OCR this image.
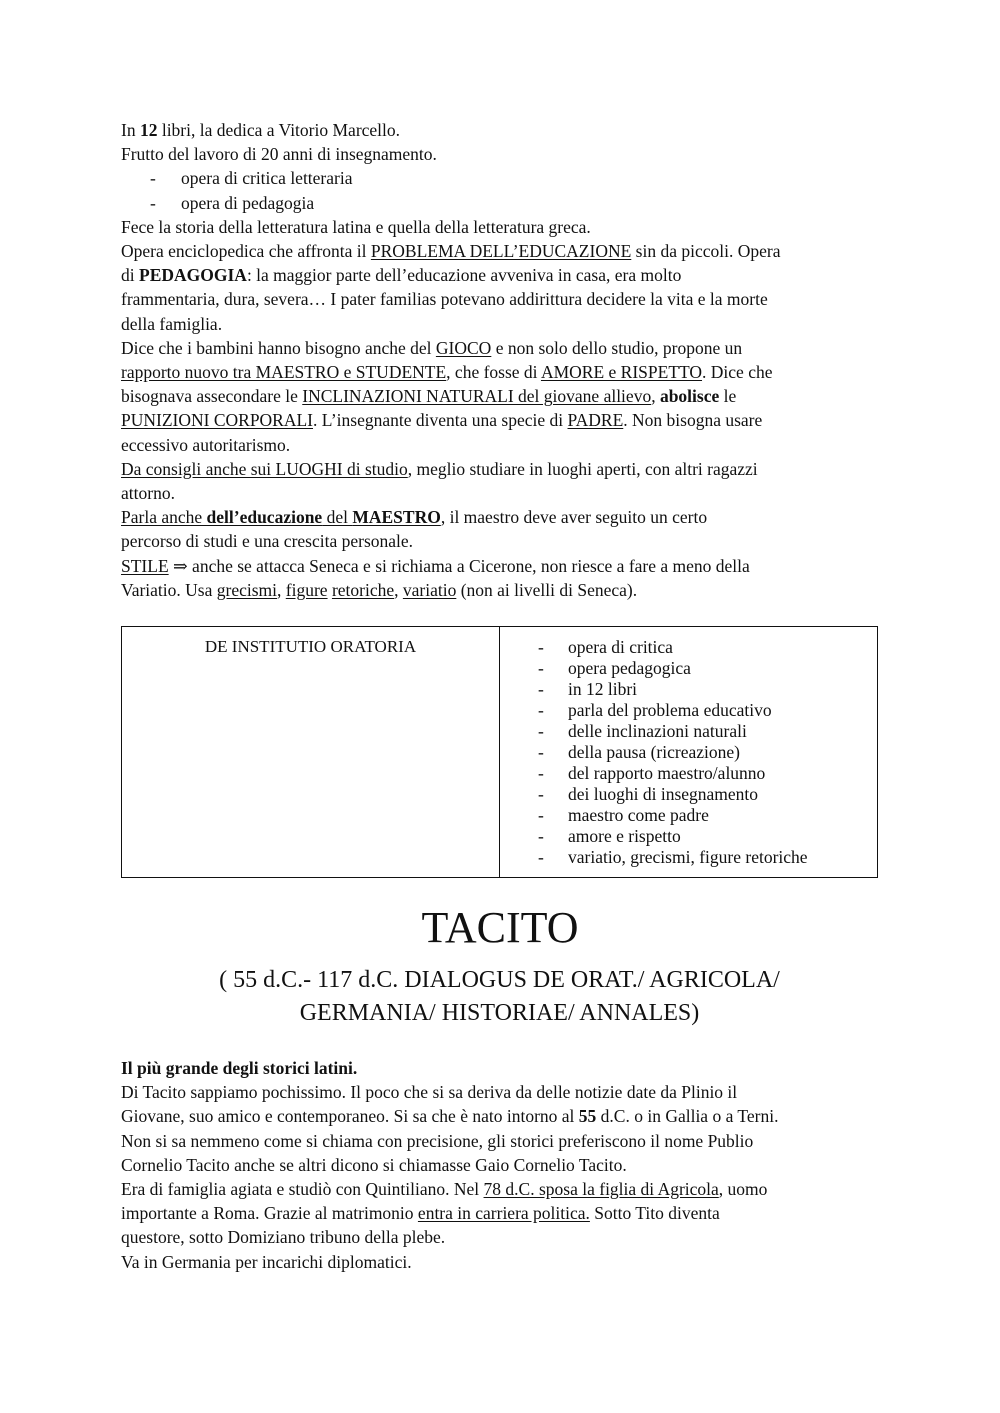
In 12 libri, la dedica a Vitorio Marcello.

Frutto del lavoro di 20 anni di insegnamento.

-	opera di critica letteraria

-	opera di pedagogia

Fece la storia della letteratura latina e quella della letteratura greca.

Opera enciclopedica che affronta il PROBLEMA DELL’EDUCAZIONE sin da piccoli. Opera

di PEDAGOGIA: la maggior parte dell’educazione avveniva in casa, era molto

frammentaria, dura, severa… I pater familias potevano addirittura decidere la vita e la morte

della famiglia.

Dice che i bambini hanno bisogno anche del GIOCO e non solo dello studio, propone un

rapporto nuovo tra MAESTRO e STUDENTE, che fosse di AMORE e RISPETTO. Dice che

bisognava assecondare le INCLINAZIONI NATURALI del giovane allievo, abolisce le

PUNIZIONI CORPORALI. L’insegnante diventa una specie di PADRE. Non bisogna usare

eccessivo autoritarismo.

Da consigli anche sui LUOGHI di studio, meglio studiare in luoghi aperti, con altri ragazzi

attorno.

Parla anche dell’educazione del MAESTRO, il maestro deve aver seguito un certo

percorso di studi e una crescita personale.

STILE ⇒ anche se attacca Seneca e si richiama a Cicerone, non riesce a fare a meno della

Variatio. Usa grecismi, figure retoriche, variatio (non ai livelli di Seneca).

DE INSTITUTIO ORATORIA	- opera di critica
- opera pedagogica
- in 12 libri
- parla del problema educativo
- delle inclinazioni naturali
- della pausa (ricreazione)
- del rapporto maestro/alunno
- dei luoghi di insegnamento
- maestro come padre
- amore e rispetto
- variatio, grecismi, figure retoriche
TACITO
( 55 d.C.- 117 d.C. DIALOGUS DE ORAT./ AGRICOLA/
GERMANIA/ HISTORIAE/ ANNALES)

Il più grande degli storici latini.

Di Tacito sappiamo pochissimo. Il poco che si sa deriva da delle notizie date da Plinio il

Giovane, suo amico e contemporaneo. Si sa che è nato intorno al 55 d.C. o in Gallia o a Terni.

Non si sa nemmeno come si chiama con precisione, gli storici preferiscono il nome Publio

Cornelio Tacito anche se altri dicono si chiamasse Gaio Cornelio Tacito.

Era di famiglia agiata e studiò con Quintiliano. Nel 78 d.C. sposa la figlia di Agricola, uomo

importante a Roma. Grazie al matrimonio entra in carriera politica. Sotto Tito diventa

questore, sotto Domiziano tribuno della plebe.

Va in Germania per incarichi diplomatici.
